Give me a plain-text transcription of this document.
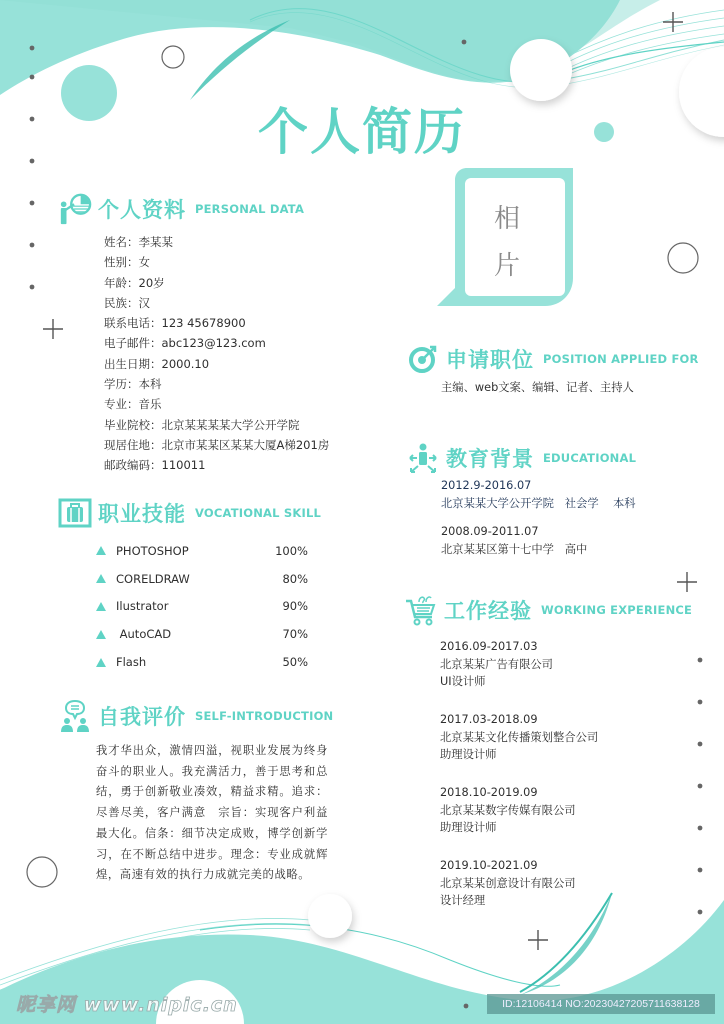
个人简历
个人资料 PERSONAL DATA
姓名：李某某
性别：女
年龄：20岁
民族：汉
联系电话：123 45678900
电子邮件：abc123@123.com
出生日期：2000.10
学历：本科
专业：音乐
毕业院校：北京某某某某大学公开学院
现居住地：北京市某某区某某大厦A梯201房
邮政编码：110011
职业技能 VOCATIONAL SKILL
PHOTOSHOP	100%
CORELDRAW	80%
Ilustrator	90%
AutoCAD	70%
Flash	50%
自我评价 SELF-INTRODUCTION
我才华出众，激情四溢，视职业发展为终身奋斗的职业人。我充满活力，善于思考和总结，勇于创新敬业凑效，精益求精。追求：尽善尽美，客户满意　宗旨：实现客户利益最大化。信条：细节决定成败，博学创新学习，在不断总结中进步。理念：专业成就辉煌，高速有效的执行力成就完美的战略。
相
片
申请职位 POSITION APPLIED FOR
主编、web文案、编辑、记者、主持人
教育背景 EDUCATIONAL
2012.9-2016.07
北京某某大学公开学院   社会学    本科
2008.09-2011.07
北京某某区第十七中学   高中
工作经验 WORKING EXPERIENCE
2016.09-2017.03
北京某某广告有限公司
UI设计师
2017.03-2018.09
北京某某文化传播策划整合公司
助理设计师
2018.10-2019.09
北京某某数字传媒有限公司
助理设计师
2019.10-2021.09
北京某某创意设计有限公司
设计经理
昵享网 www.nipic.cn	ID:12106414 NO:20230427205711638128
